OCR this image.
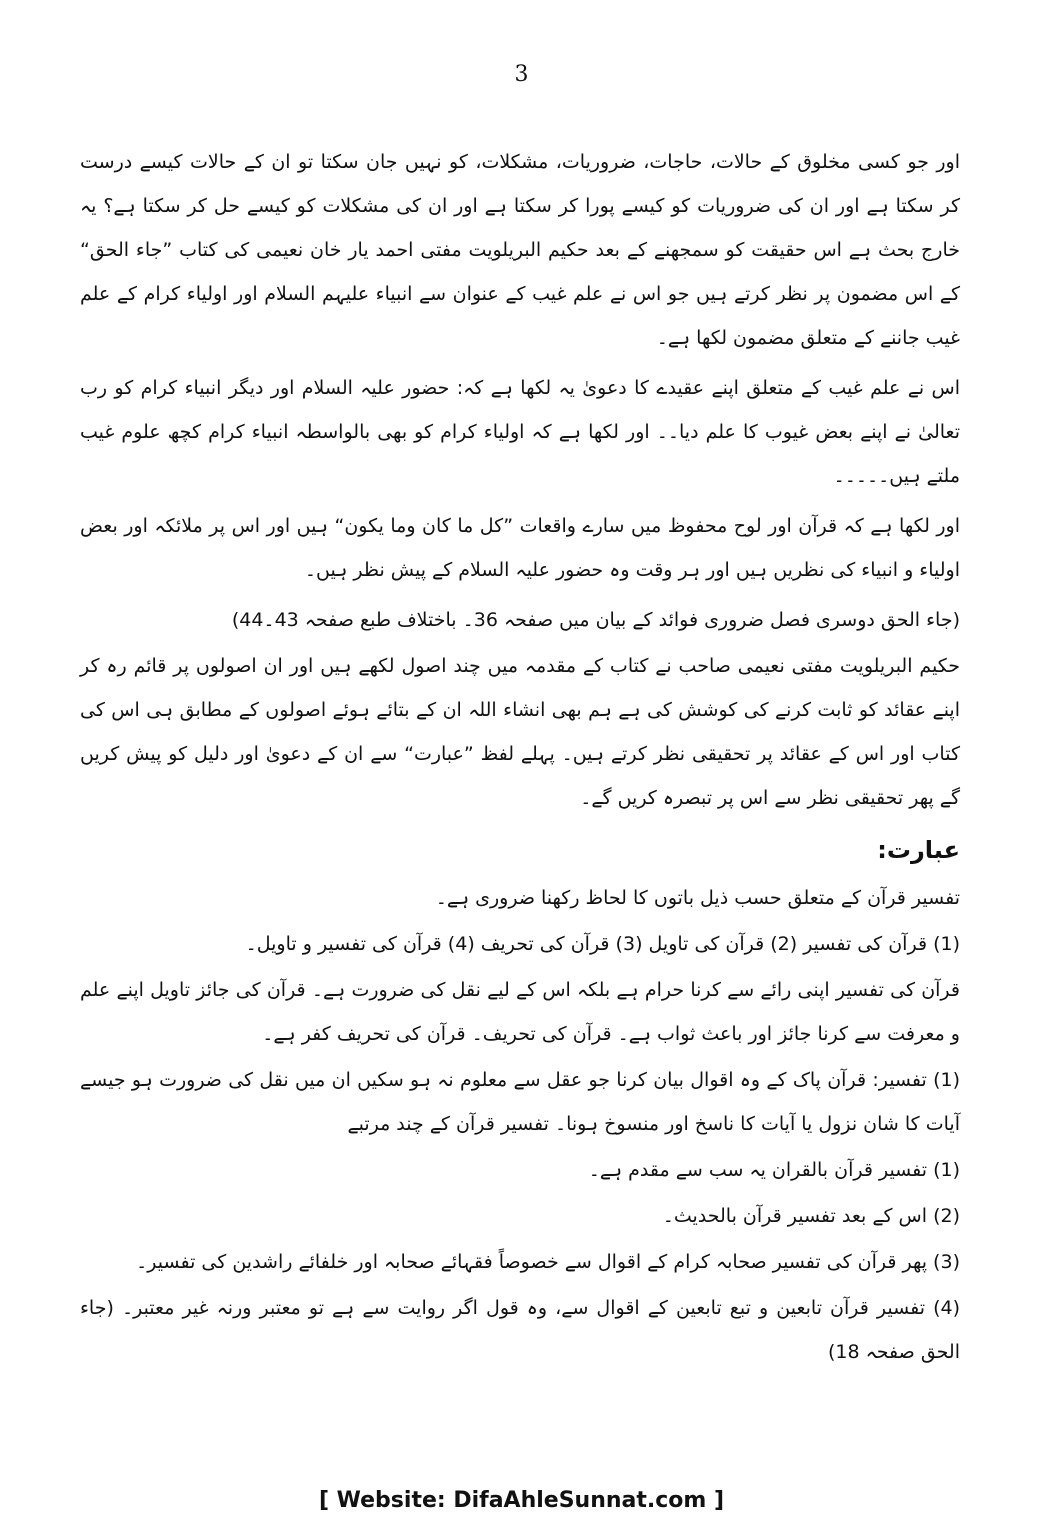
3

اور جو کسی مخلوق کے حالات، حاجات، ضروریات، مشکلات، کو نہیں جان سکتا تو ان کے حالات کیسے درست کر سکتا ہے اور ان کی ضروریات کو کیسے پورا کر سکتا ہے اور ان کی مشکلات کو کیسے حل کر سکتا ہے؟ یہ خارج بحث ہے اس حقیقت کو سمجھنے کے بعد حکیم البریلویت مفتی احمد یار خان نعیمی کی کتاب ”جاء الحق“ کے اس مضمون پر نظر کرتے ہیں جو اس نے علم غیب کے عنوان سے انبیاء علیہم السلام اور اولیاء کرام کے علم غیب جاننے کے متعلق مضمون لکھا ہے۔

اس نے علم غیب کے متعلق اپنے عقیدے کا دعویٰ یہ لکھا ہے کہ: حضور علیہ السلام اور دیگر انبیاء کرام کو رب تعالیٰ نے اپنے بعض غیوب کا علم دیا۔۔ اور لکھا ہے کہ اولیاء کرام کو بھی بالواسطہ انبیاء کرام کچھ علوم غیب ملتے ہیں۔۔۔۔۔

اور لکھا ہے کہ قرآن اور لوح محفوظ میں سارے واقعات ”کل ما کان وما یکون“ ہیں اور اس پر ملائکہ اور بعض اولیاء و انبیاء کی نظریں ہیں اور ہر وقت وہ حضور علیہ السلام کے پیش نظر ہیں۔

(جاء الحق دوسری فصل ضروری فوائد کے بیان میں صفحہ 36۔ باختلاف طبع صفحہ 43۔44)

حکیم البریلویت مفتی نعیمی صاحب نے کتاب کے مقدمہ میں چند اصول لکھے ہیں اور ان اصولوں پر قائم رہ کر اپنے عقائد کو ثابت کرنے کی کوشش کی ہے ہم بھی انشاء اللہ ان کے بتائے ہوئے اصولوں کے مطابق ہی اس کی کتاب اور اس کے عقائد پر تحقیقی نظر کرتے ہیں۔ پہلے لفظ ”عبارت“ سے ان کے دعویٰ اور دلیل کو پیش کریں گے پھر تحقیقی نظر سے اس پر تبصرہ کریں گے۔

عبارت:

تفسیر قرآن کے متعلق حسب ذیل باتوں کا لحاظ رکھنا ضروری ہے۔

(1) قرآن کی تفسیر (2) قرآن کی تاویل (3) قرآن کی تحریف (4) قرآن کی تفسیر و تاویل۔

قرآن کی تفسیر اپنی رائے سے کرنا حرام ہے بلکہ اس کے لیے نقل کی ضرورت ہے۔ قرآن کی جائز تاویل اپنے علم و معرفت سے کرنا جائز اور باعث ثواب ہے۔ قرآن کی تحریف۔ قرآن کی تحریف کفر ہے۔

(1) تفسیر: قرآن پاک کے وہ اقوال بیان کرنا جو عقل سے معلوم نہ ہو سکیں ان میں نقل کی ضرورت ہو جیسے آیات کا شان نزول یا آیات کا ناسخ اور منسوخ ہونا۔ تفسیر قرآن کے چند مرتبے

(1) تفسیر قرآن بالقران یہ سب سے مقدم ہے۔

(2) اس کے بعد تفسیر قرآن بالحدیث۔

(3) پھر قرآن کی تفسیر صحابہ کرام کے اقوال سے خصوصاً فقہائے صحابہ اور خلفائے راشدین کی تفسیر۔

(4) تفسیر قرآن تابعین و تبع تابعین کے اقوال سے، وہ قول اگر روایت سے ہے تو معتبر ورنہ غیر معتبر۔ (جاء الحق صفحہ 18)

[ Website: DifaAhleSunnat.com ]
